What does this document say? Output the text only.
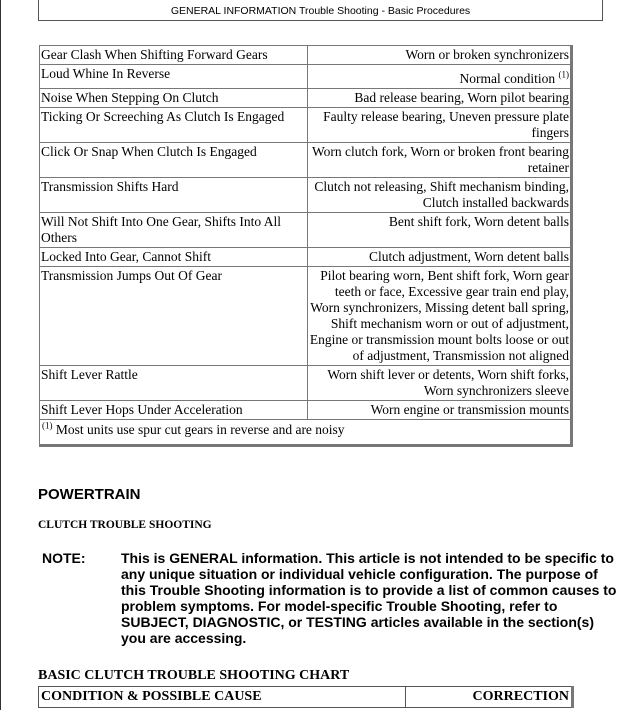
GENERAL INFORMATION Trouble Shooting - Basic Procedures
Gear Clash When Shifting Forward Gears	Worn or broken synchronizers
Loud Whine In Reverse	Normal condition $^{(1)}$
Noise When Stepping On Clutch	Bad release bearing, Worn pilot bearing
Ticking Or Screeching As Clutch Is Engaged	Faulty release bearing, Uneven pressure plate fingers
Click Or Snap When Clutch Is Engaged	Worn clutch fork, Worn or broken front bearing retainer
Transmission Shifts Hard	Clutch not releasing, Shift mechanism binding, Clutch installed backwards
Will Not Shift Into One Gear, Shifts Into All Others	Bent shift fork, Worn detent balls
Locked Into Gear, Cannot Shift	Clutch adjustment, Worn detent balls
Transmission Jumps Out Of Gear	Pilot bearing worn, Bent shift fork, Worn gear teeth or face, Excessive gear train end play, Worn synchronizers, Missing detent ball spring, Shift mechanism worn or out of adjustment, Engine or transmission mount bolts loose or out of adjustment, Transmission not aligned
Shift Lever Rattle	Worn shift lever or detents, Worn shift forks, Worn synchronizers sleeve
Shift Lever Hops Under Acceleration	Worn engine or transmission mounts
$^{(1)}$ Most units use spur cut gears in reverse and are noisy	
POWERTRAIN
CLUTCH TROUBLE SHOOTING
NOTE:	This is GENERAL information. This article is not intended to be specific to any unique situation or individual vehicle configuration. The purpose of this Trouble Shooting information is to provide a list of common causes to problem symptoms. For model-specific Trouble Shooting, refer to SUBJECT, DIAGNOSTIC, or TESTING articles available in the section(s) you are accessing.
BASIC CLUTCH TROUBLE SHOOTING CHART
CONDITION & POSSIBLE CAUSE	CORRECTION
